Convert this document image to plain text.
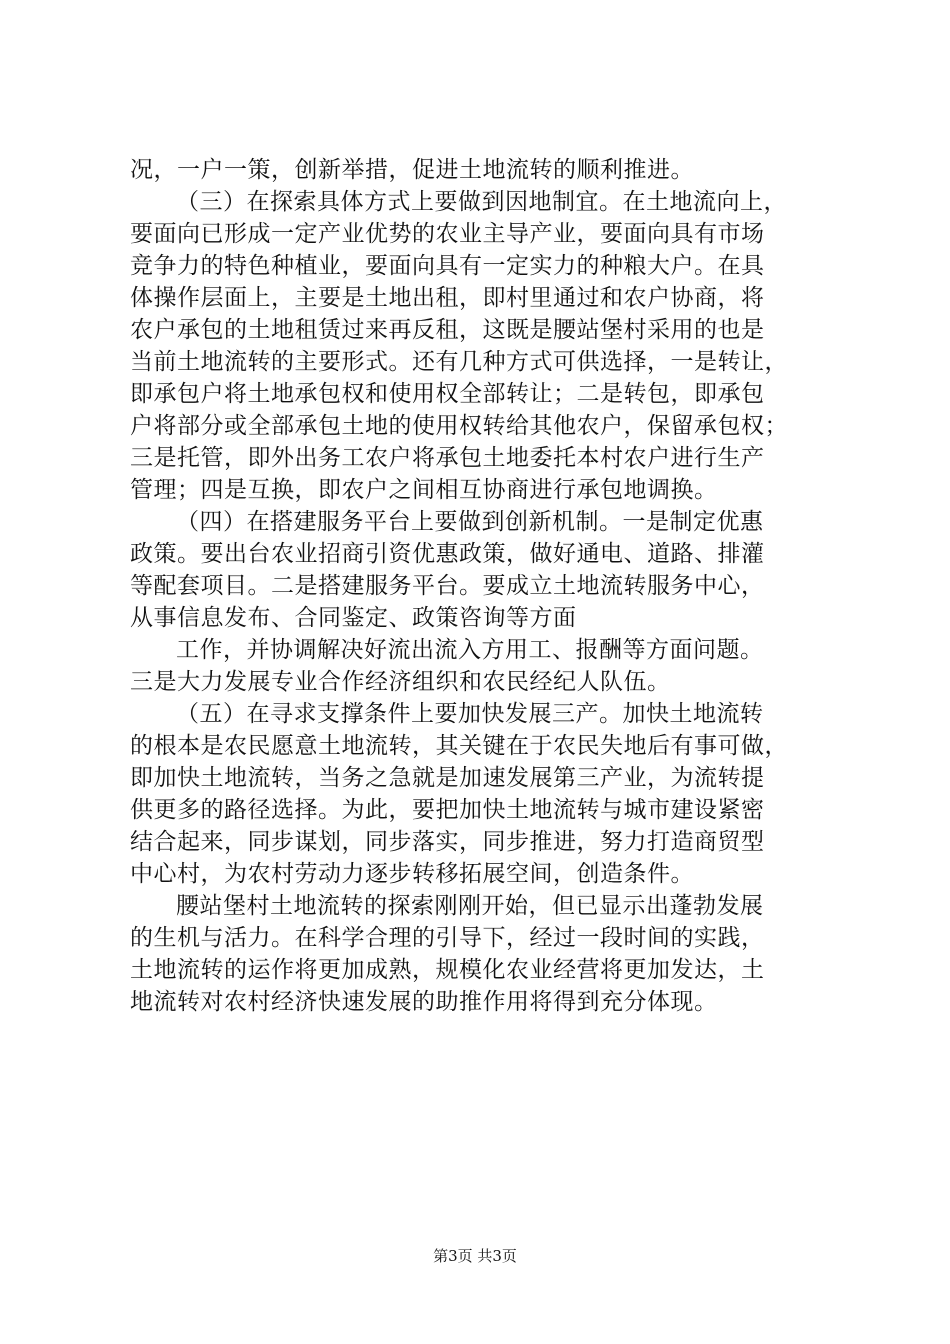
况，一户一策，创新举措，促进土地流转的顺利推进。
（三）在探索具体方式上要做到因地制宜。在土地流向上，
要面向已形成一定产业优势的农业主导产业，要面向具有市场
竞争力的特色种植业，要面向具有一定实力的种粮大户。在具
体操作层面上，主要是土地出租，即村里通过和农户协商，将
农户承包的土地租赁过来再反租，这既是腰站堡村采用的也是
当前土地流转的主要形式。还有几种方式可供选择，一是转让，
即承包户将土地承包权和使用权全部转让；二是转包，即承包
户将部分或全部承包土地的使用权转给其他农户，保留承包权；
三是托管，即外出务工农户将承包土地委托本村农户进行生产
管理；四是互换，即农户之间相互协商进行承包地调换。
（四）在搭建服务平台上要做到创新机制。一是制定优惠
政策。要出台农业招商引资优惠政策，做好通电、道路、排灌
等配套项目。二是搭建服务平台。要成立土地流转服务中心，
从事信息发布、合同鉴定、政策咨询等方面
工作，并协调解决好流出流入方用工、报酬等方面问题。
三是大力发展专业合作经济组织和农民经纪人队伍。
（五）在寻求支撑条件上要加快发展三产。加快土地流转
的根本是农民愿意土地流转，其关键在于农民失地后有事可做，
即加快土地流转，当务之急就是加速发展第三产业，为流转提
供更多的路径选择。为此，要把加快土地流转与城市建设紧密
结合起来，同步谋划，同步落实，同步推进，努力打造商贸型
中心村，为农村劳动力逐步转移拓展空间，创造条件。
腰站堡村土地流转的探索刚刚开始，但已显示出蓬勃发展
的生机与活力。在科学合理的引导下，经过一段时间的实践，
土地流转的运作将更加成熟，规模化农业经营将更加发达，土
地流转对农村经济快速发展的助推作用将得到充分体现。
第3页 共3页
